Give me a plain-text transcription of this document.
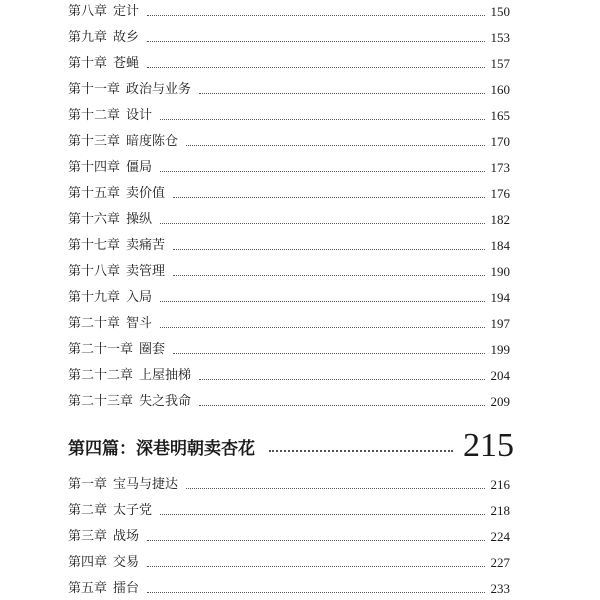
第八章 定计	150
第九章 故乡	153
第十章 苍蝇	157
第十一章 政治与业务	160
第十二章 设计	165
第十三章 暗度陈仓	170
第十四章 僵局	173
第十五章 卖价值	176
第十六章 操纵	182
第十七章 卖痛苦	184
第十八章 卖管理	190
第十九章 入局	194
第二十章 智斗	197
第二十一章 圈套	199
第二十二章 上屋抽梯	204
第二十三章 失之我命	209
第四篇：深巷明朝卖杏花	215
第一章 宝马与捷达	216
第二章 太子党	218
第三章 战场	224
第四章 交易	227
第五章 擂台	233
